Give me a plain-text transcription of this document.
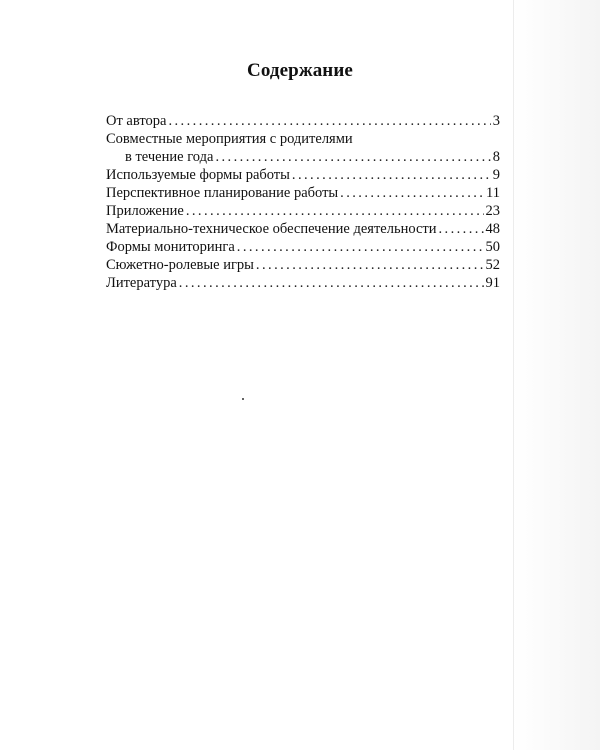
Содержание
От автора . . .	3
Совместные мероприятия с родителями
в течение года . . .	8
Используемые формы работы . . .	9
Перспективное планирование работы . . .	11
Приложение . . .	23
Материально-техническое обеспечение деятельности . . .	48
Формы мониторинга . . .	50
Сюжетно-ролевые игры . . .	52
Литература . . .	91
